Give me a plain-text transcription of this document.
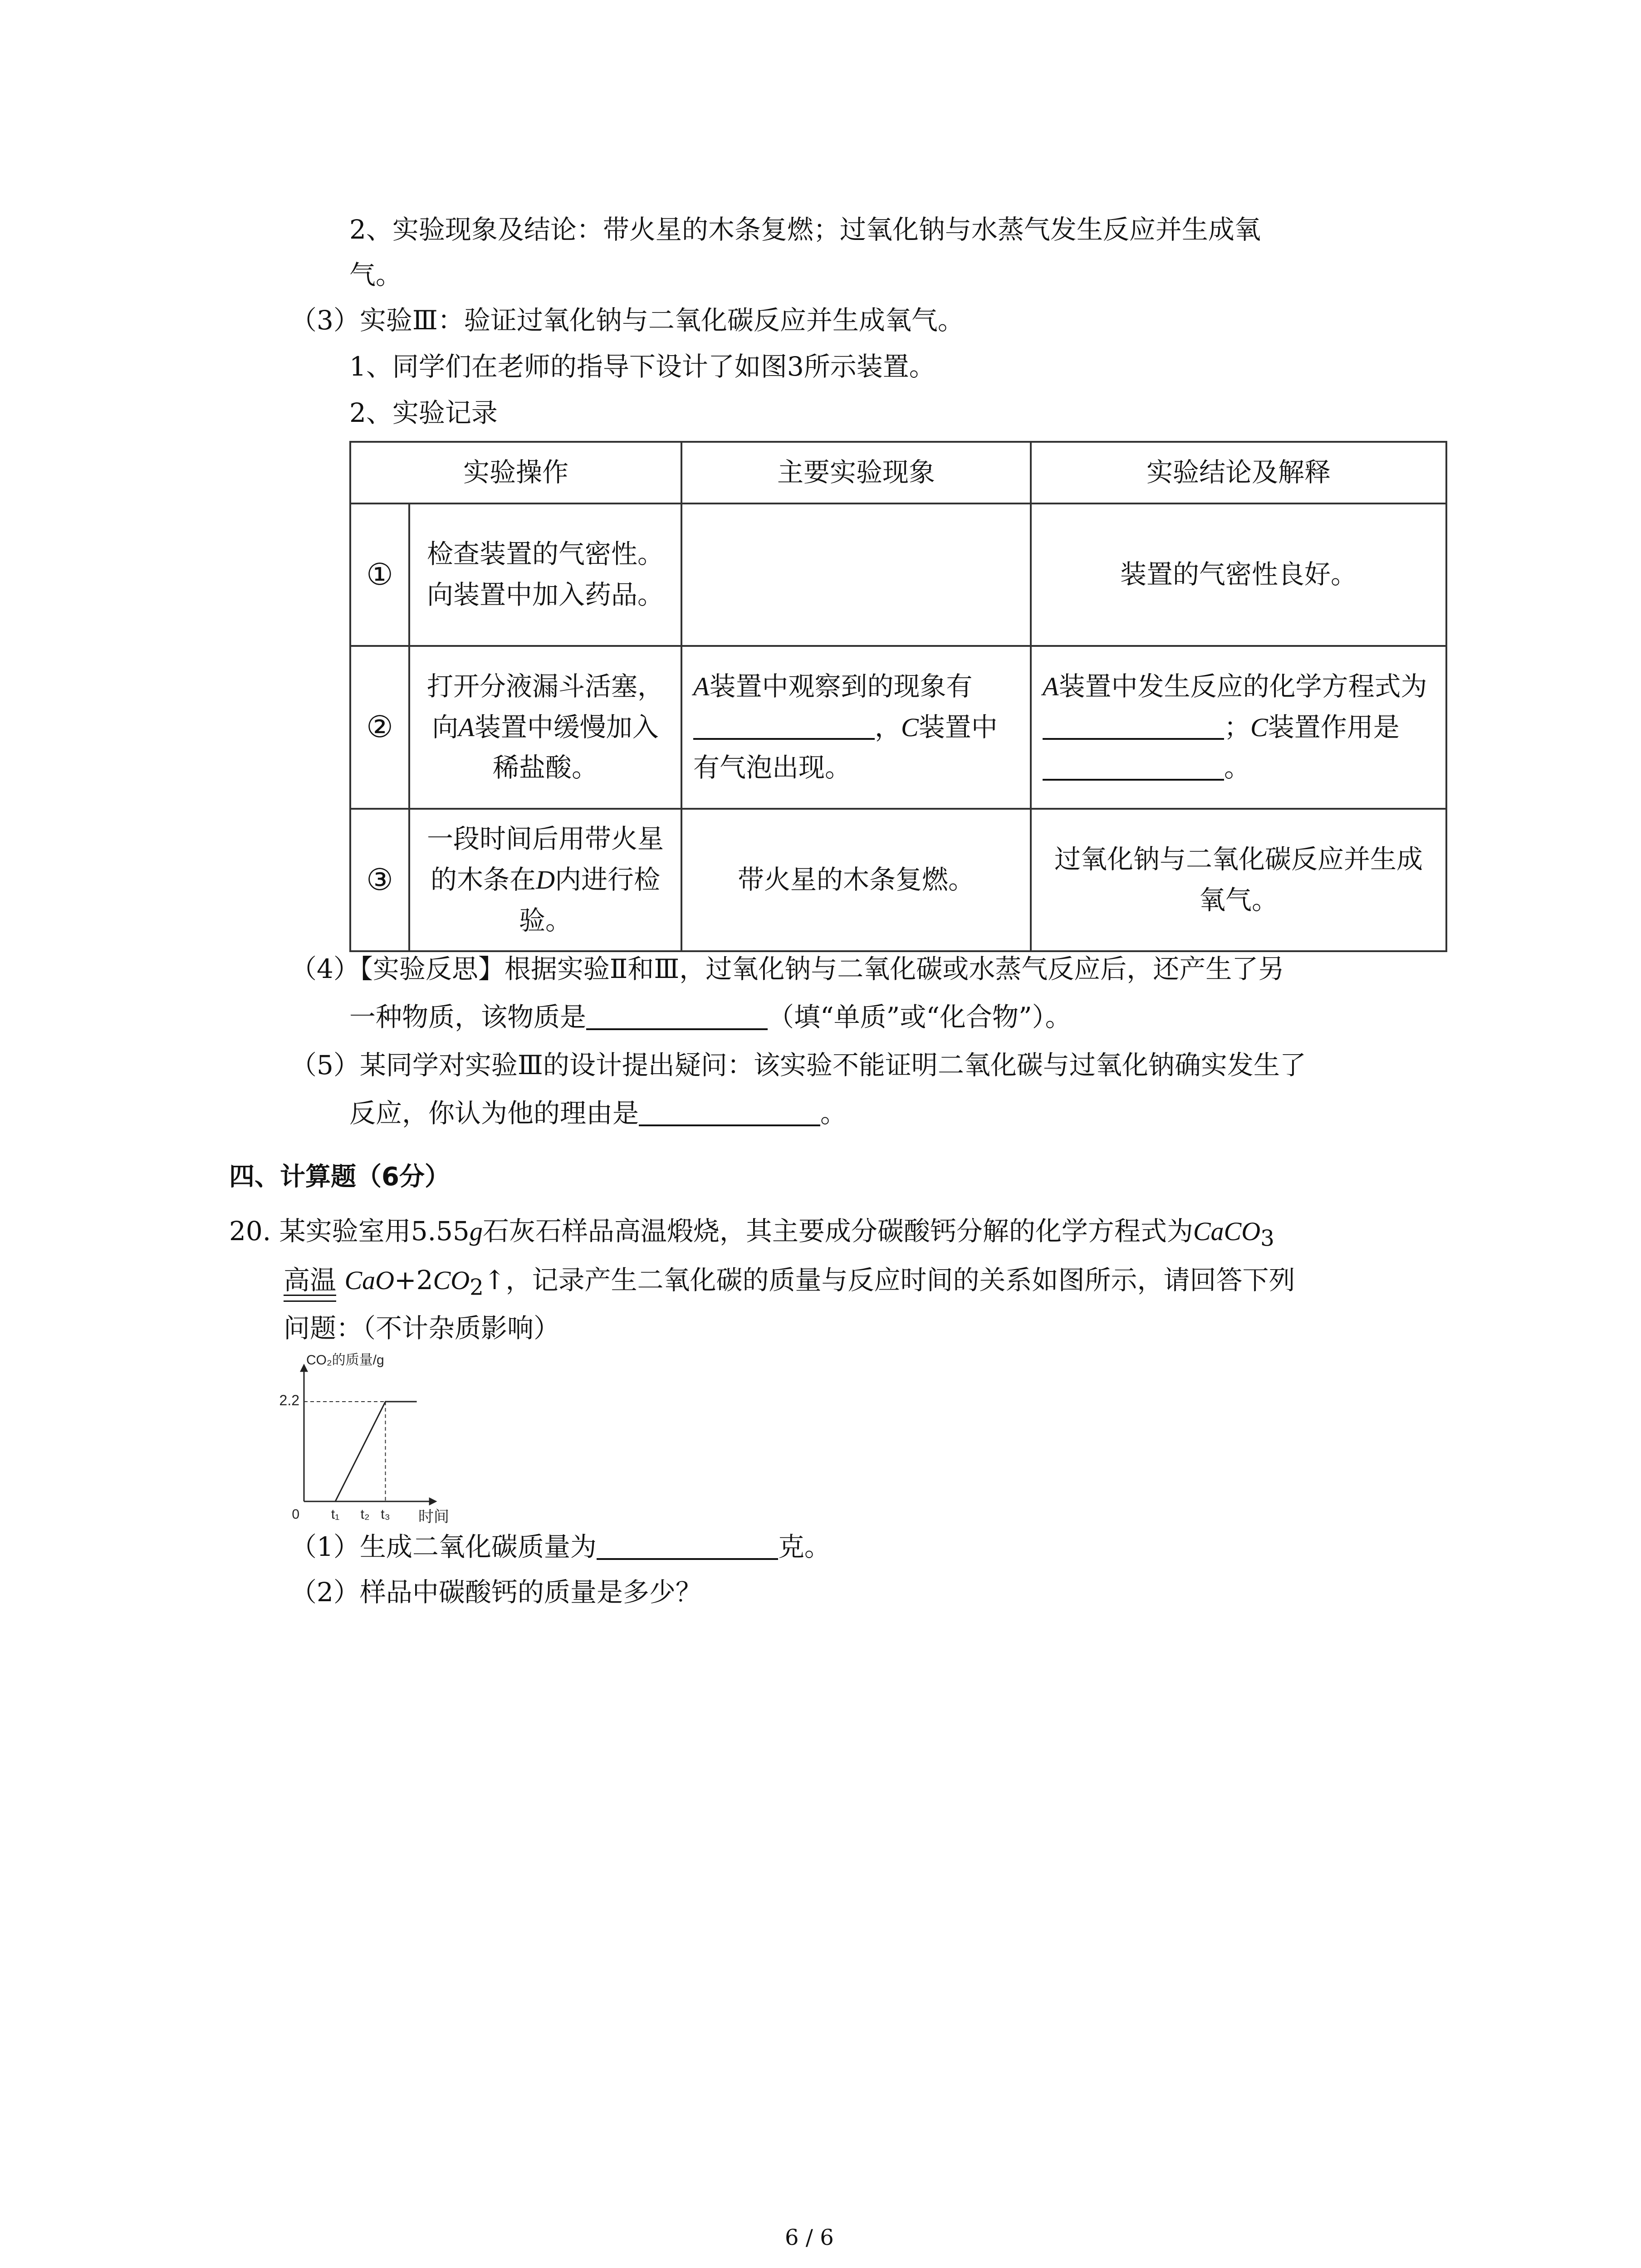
2、实验现象及结论：带火星的木条复燃；过氧化钠与水蒸气发生反应并生成氧
气。
（3）实验Ⅲ：验证过氧化钠与二氧化碳反应并生成氧气。
1、同学们在老师的指导下设计了如图3所示装置。
2、实验记录
实验操作		主要实验现象	实验结论及解释
①	检查装置的气密性。向装置中加入药品。		装置的气密性良好。
②	打开分液漏斗活塞，向A装置中缓慢加入稀盐酸。	A装置中观察到的现象有，C装置中有气泡出现。	A装置中发生反应的化学方程式为；C装置作用是。
③	一段时间后用带火星的木条在D内进行检验。	带火星的木条复燃。	过氧化钠与二氧化碳反应并生成氧气。
（4）【实验反思】根据实验Ⅱ和Ⅲ，过氧化钠与二氧化碳或水蒸气反应后，还产生了另
一种物质，该物质是	（填“单质”或“化合物”）。
（5）某同学对实验Ⅲ的设计提出疑问：该实验不能证明二氧化碳与过氧化钠确实发生了
反应，你认为他的理由是	。
四、计算题（6分）
20. 某实验室用5.55g石灰石样品高温煅烧，其主要成分碳酸钙分解的化学方程式为CaCO$_3$
高温 $CaO+2CO_2↑$，记录产生二氧化碳的质量与反应时间的关系如图所示，请回答下列
问题：（不计杂质影响）
CO₂的质量/g
时间
0
2.2
t₁ t₂ t₃
（1）生成二氧化碳质量为	克。
（2）样品中碳酸钙的质量是多少？
6 / 6
